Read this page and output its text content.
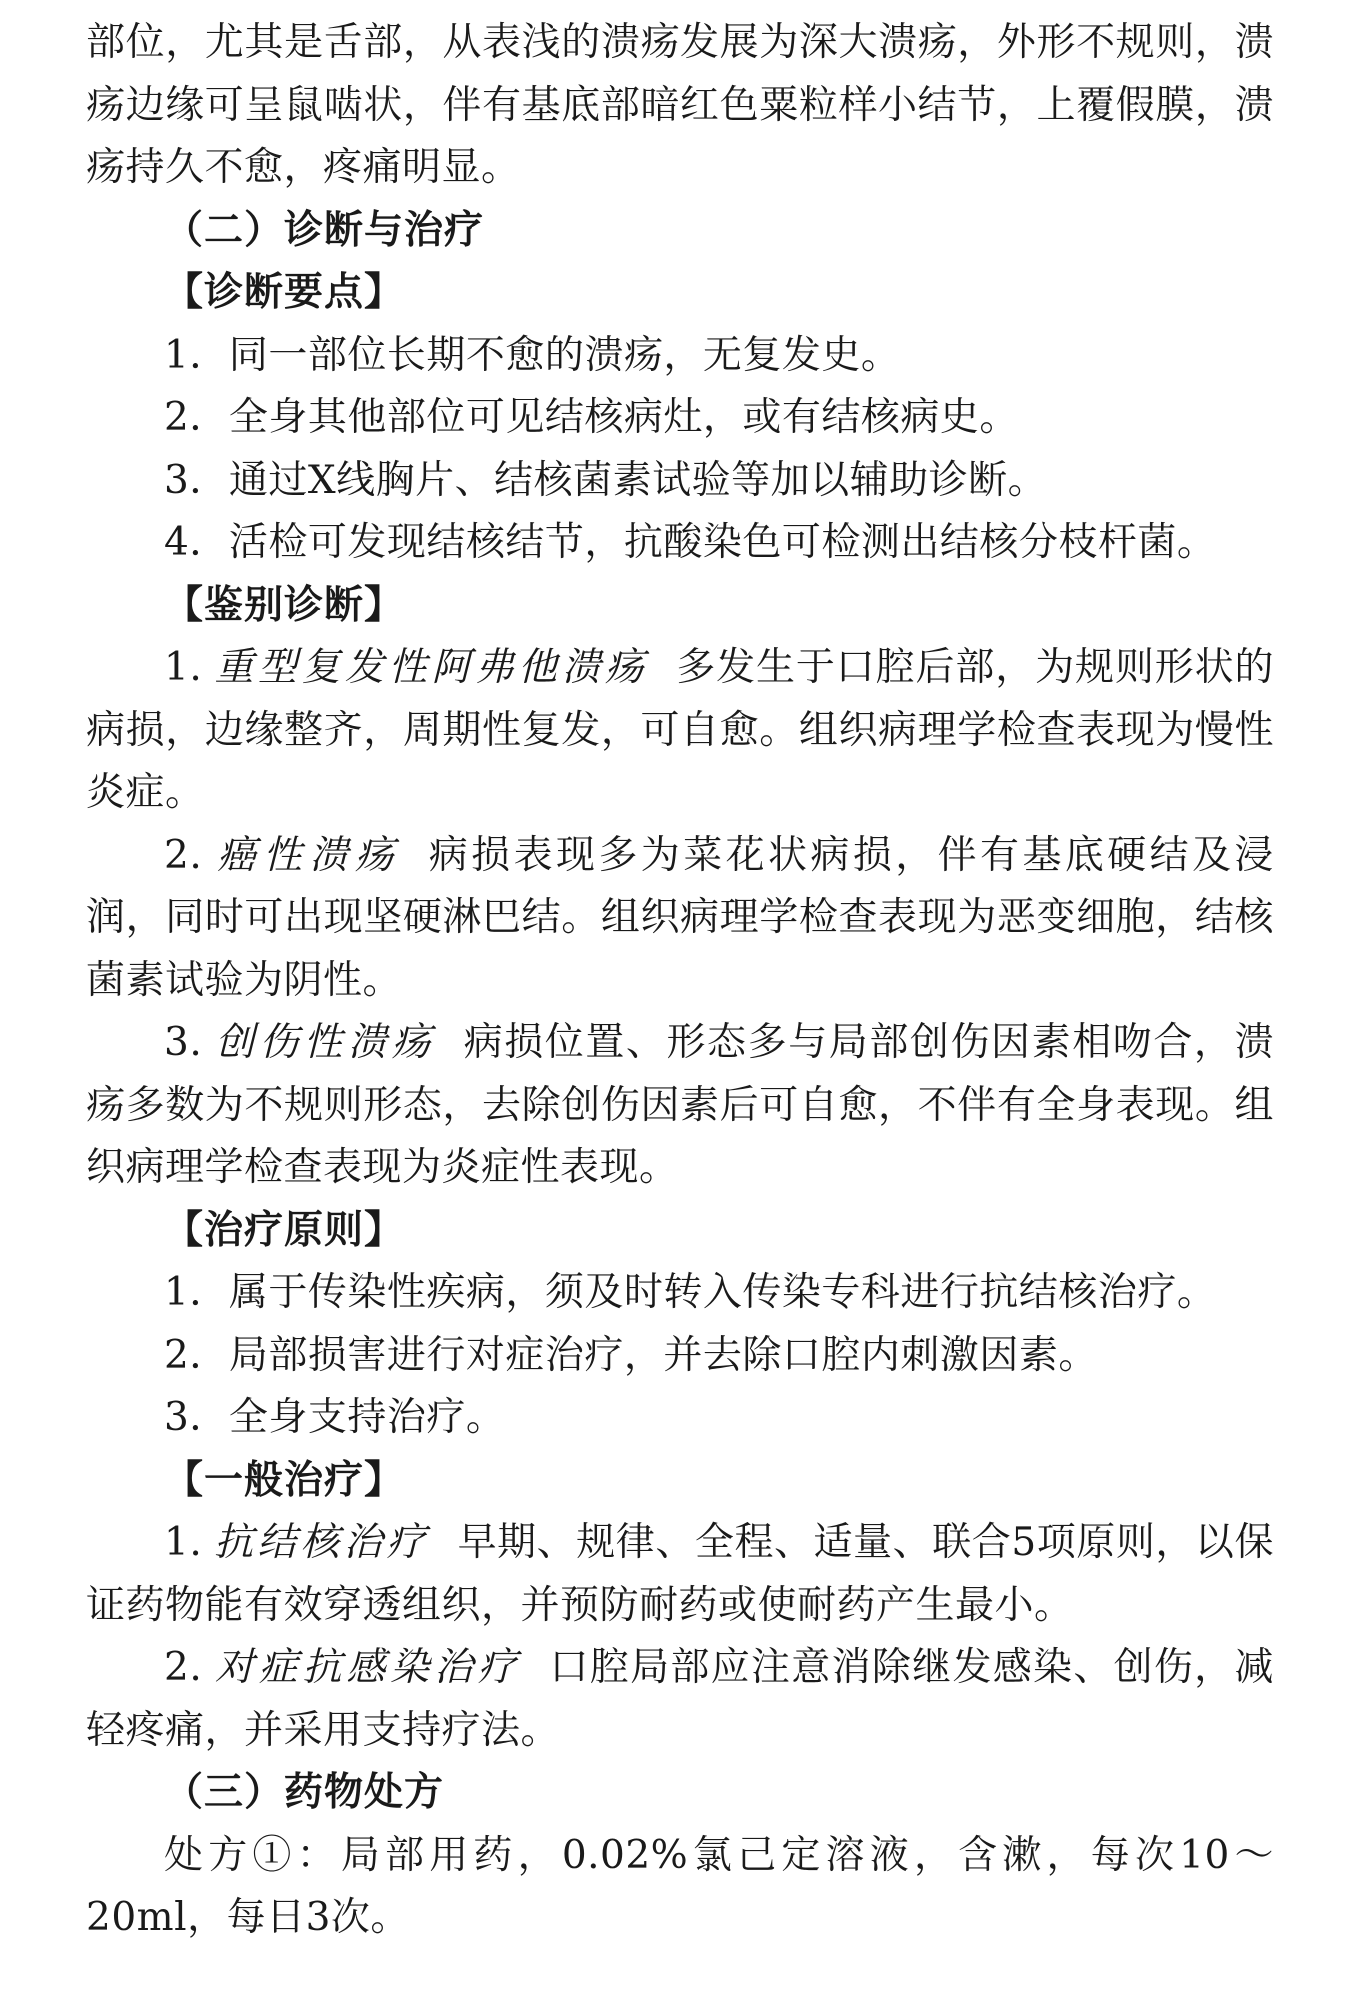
部位，尤其是舌部，从表浅的溃疡发展为深大溃疡，外形不规则，溃疡边缘可呈鼠啮状，伴有基底部暗红色粟粒样小结节，上覆假膜，溃疡持久不愈，疼痛明显。

（二）诊断与治疗

【诊断要点】

1．同一部位长期不愈的溃疡，无复发史。

2．全身其他部位可见结核病灶，或有结核病史。

3．通过X线胸片、结核菌素试验等加以辅助诊断。

4．活检可发现结核结节，抗酸染色可检测出结核分枝杆菌。

【鉴别诊断】

1. 重型复发性阿弗他溃疡 多发生于口腔后部，为规则形状的病损，边缘整齐，周期性复发，可自愈。组织病理学检查表现为慢性炎症。

2. 癌性溃疡 病损表现多为菜花状病损，伴有基底硬结及浸润，同时可出现坚硬淋巴结。组织病理学检查表现为恶变细胞，结核菌素试验为阴性。

3. 创伤性溃疡 病损位置、形态多与局部创伤因素相吻合，溃疡多数为不规则形态，去除创伤因素后可自愈，不伴有全身表现。组织病理学检查表现为炎症性表现。

【治疗原则】

1．属于传染性疾病，须及时转入传染专科进行抗结核治疗。

2．局部损害进行对症治疗，并去除口腔内刺激因素。

3．全身支持治疗。

【一般治疗】

1. 抗结核治疗 早期、规律、全程、适量、联合5项原则，以保证药物能有效穿透组织，并预防耐药或使耐药产生最小。

2. 对症抗感染治疗 口腔局部应注意消除继发感染、创伤，减轻疼痛，并采用支持疗法。

（三）药物处方

处方①：局部用药，0.02%氯己定溶液，含漱，每次10～20ml，每日3次。
